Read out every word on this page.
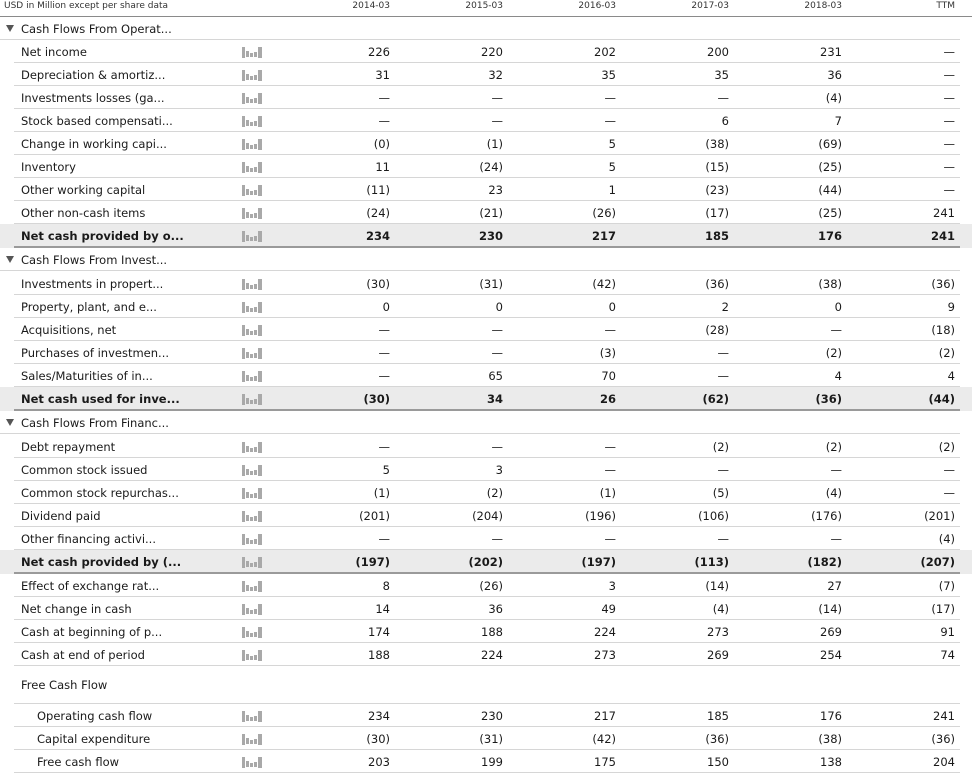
USD in Million except per share data	2014-03	2015-03	2016-03	2017-03	2018-03	TTM
Cash Flows From Operat...
Net income	226	220	202	200	231	—
Depreciation & amortiz...	31	32	35	35	36	—
Investments losses (ga...	—	—	—	—	(4)	—
Stock based compensati...	—	—	—	6	7	—
Change in working capi...	(0)	(1)	5	(38)	(69)	—
Inventory	11	(24)	5	(15)	(25)	—
Other working capital	(11)	23	1	(23)	(44)	—
Other non-cash items	(24)	(21)	(26)	(17)	(25)	241
Net cash provided by o...	234	230	217	185	176	241
Cash Flows From Invest...
Investments in propert...	(30)	(31)	(42)	(36)	(38)	(36)
Property, plant, and e...	0	0	0	2	0	9
Acquisitions, net	—	—	—	(28)	—	(18)
Purchases of investmen...	—	—	(3)	—	(2)	(2)
Sales/Maturities of in...	—	65	70	—	4	4
Net cash used for inve...	(30)	34	26	(62)	(36)	(44)
Cash Flows From Financ...
Debt repayment	—	—	—	(2)	(2)	(2)
Common stock issued	5	3	—	—	—	—
Common stock repurchas...	(1)	(2)	(1)	(5)	(4)	—
Dividend paid	(201)	(204)	(196)	(106)	(176)	(201)
Other financing activi...	—	—	—	—	—	(4)
Net cash provided by (...	(197)	(202)	(197)	(113)	(182)	(207)
Effect of exchange rat...	8	(26)	3	(14)	27	(7)
Net change in cash	14	36	49	(4)	(14)	(17)
Cash at beginning of p...	174	188	224	273	269	91
Cash at end of period	188	224	273	269	254	74
Free Cash Flow
Operating cash flow	234	230	217	185	176	241
Capital expenditure	(30)	(31)	(42)	(36)	(38)	(36)
Free cash flow	203	199	175	150	138	204
